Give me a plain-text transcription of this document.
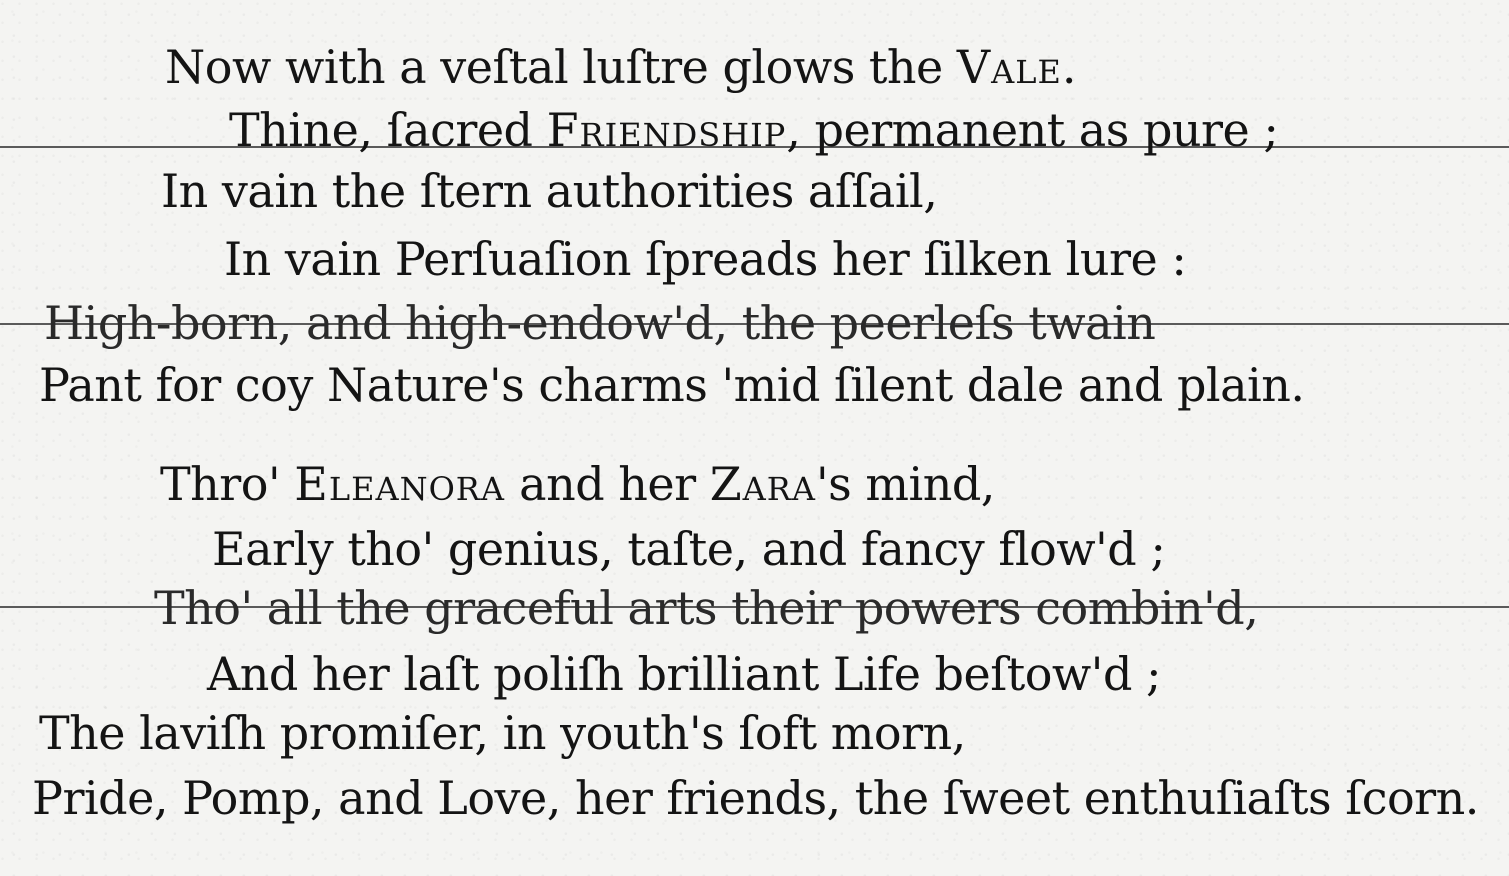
Now with a veſtal luſtre glows the Vale.
Thine, ſacred Friendship, permanent as pure ;
In vain the ſtern authorities aſſail,
In vain Perſuaſion ſpreads her ſilken lure :
High-born, and high-endow'd, the peerleſs twain
Pant for coy Nature's charms 'mid ſilent dale and plain.
Thro' Eleanora and her Zara's mind,
Early tho' genius, taſte, and fancy flow'd ;
Tho' all the graceful arts their powers combin'd,
And her laſt poliſh brilliant Life beſtow'd ;
The laviſh promiſer, in youth's ſoft morn,
Pride, Pomp, and Love, her friends, the ſweet enthuſiaſts ſcorn.
